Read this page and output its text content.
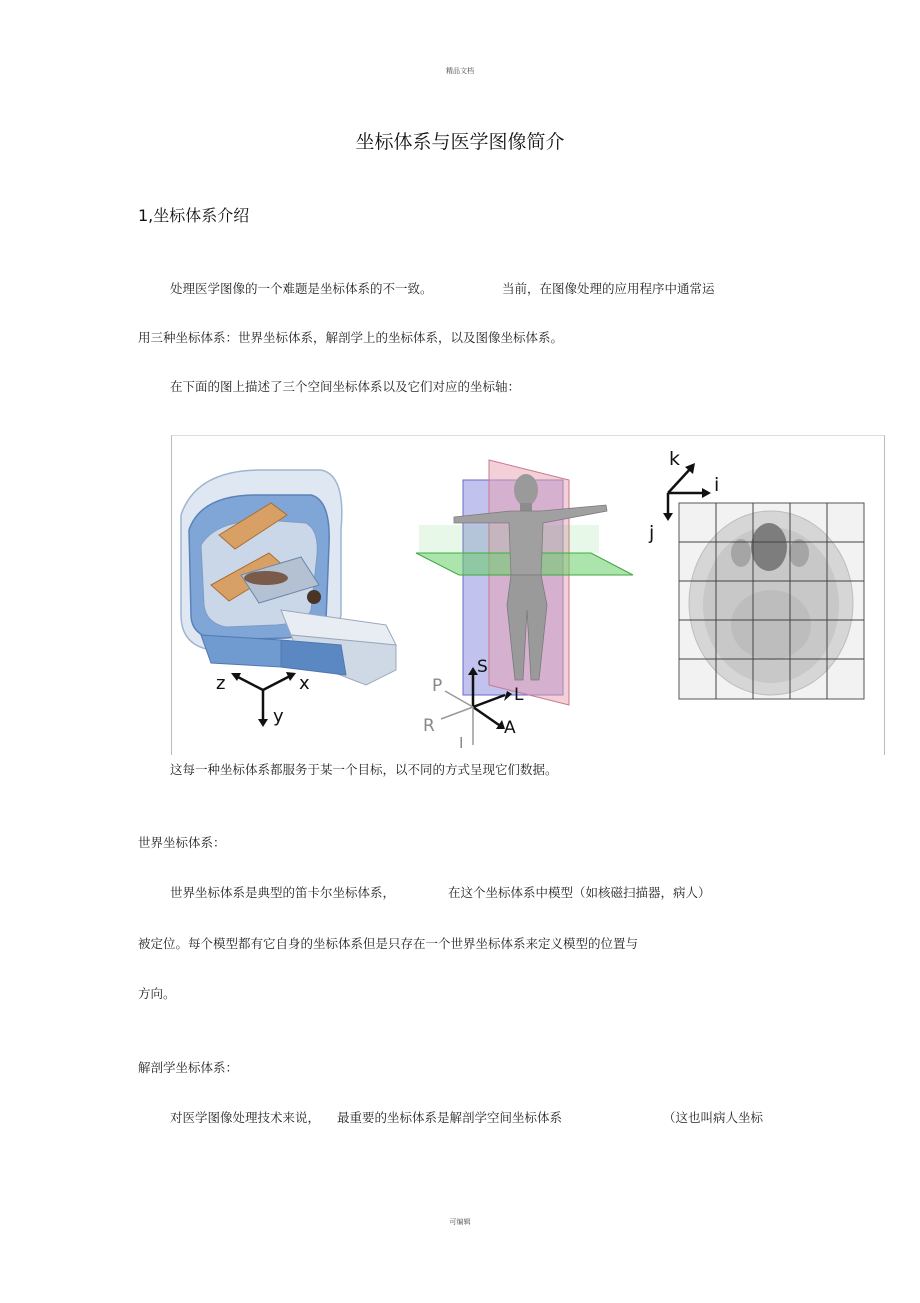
精品文档
坐标体系与医学图像简介
1,坐标体系介绍
处理医学图像的一个难题是坐标体系的不一致。	当前，在图像处理的应用程序中通常运
用三种坐标体系：世界坐标体系，解剖学上的坐标体系，以及图像坐标体系。
在下面的图上描述了三个空间坐标体系以及它们对应的坐标轴：
z	x
y
P
S
L
R	A
I
k
i
j
这每一种坐标体系都服务于某一个目标，以不同的方式呈现它们数据。
世界坐标体系：
世界坐标体系是典型的笛卡尔坐标体系，	在这个坐标体系中模型（如核磁扫描器，病人）
被定位。每个模型都有它自身的坐标体系但是只存在一个世界坐标体系来定义模型的位置与
方向。
解剖学坐标体系：
对医学图像处理技术来说， 最重要的坐标体系是解剖学空间坐标体系	（这也叫病人坐标
可编辑
